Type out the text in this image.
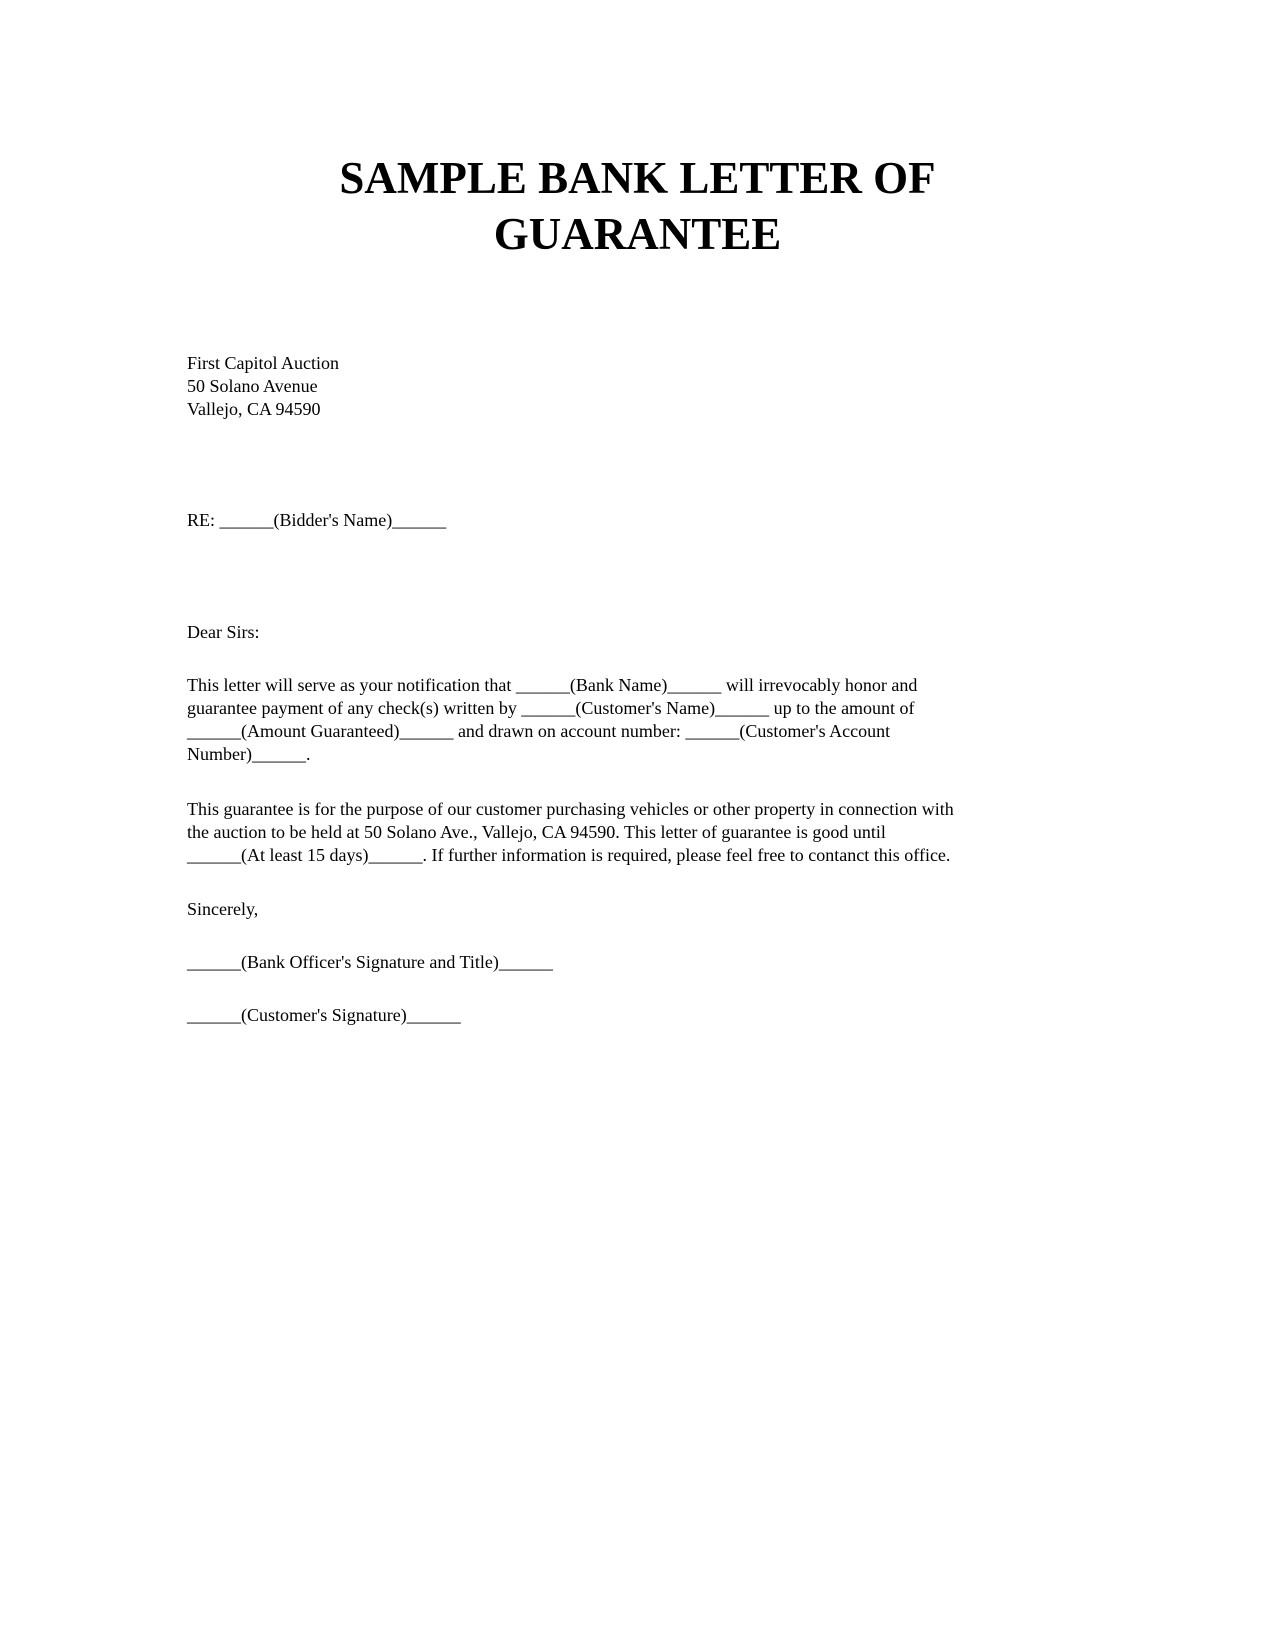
SAMPLE BANK LETTER OF
GUARANTEE
First Capitol Auction
50 Solano Avenue
Vallejo, CA 94590

RE: ______(Bidder's Name)______

Dear Sirs:

This letter will serve as your notification that ______(Bank Name)______ will irrevocably honor and
guarantee payment of any check(s) written by ______(Customer's Name)______ up to the amount of
______(Amount Guaranteed)______ and drawn on account number: ______(Customer's Account
Number)______.
This guarantee is for the purpose of our customer purchasing vehicles or other property in connection with
the auction to be held at 50 Solano Ave., Vallejo, CA 94590. This letter of guarantee is good until
______(At least 15 days)______. If further information is required, please feel free to contanct this office.

Sincerely,

______(Bank Officer's Signature and Title)______

______(Customer's Signature)______
